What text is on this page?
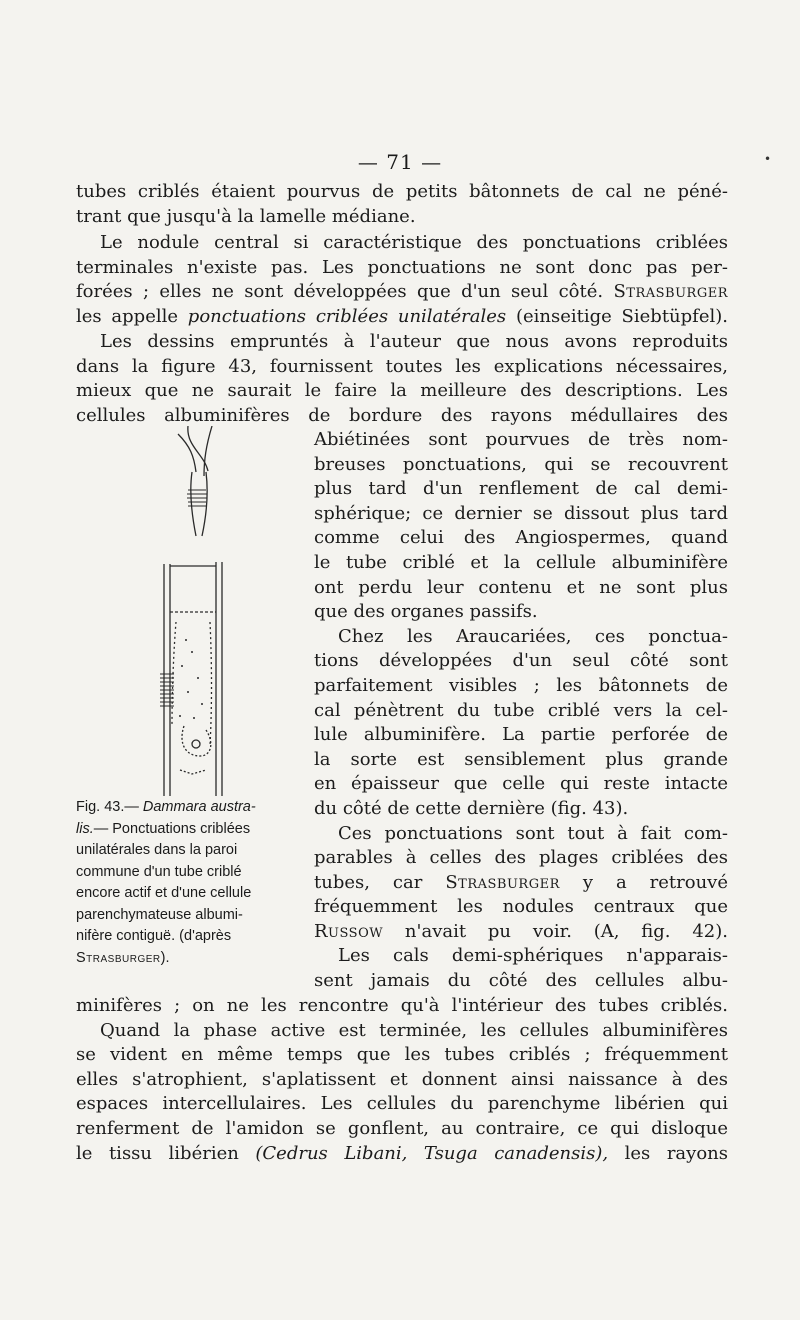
— 71 —	•

tubes criblés étaient pourvus de petits bâtonnets de cal ne péné-
trant que jusqu'à la lamelle médiane.

Le nodule central si caractéristique des ponctuations criblées
terminales n'existe pas. Les ponctuations ne sont donc pas per-
forées ; elles ne sont développées que d'un seul côté. Strasburger
les appelle ponctuations criblées unilatérales (einseitige Siebtüpfel).

Les dessins empruntés à l'auteur que nous avons reproduits
dans la figure 43, fournissent toutes les explications nécessaires,
mieux que ne saurait le faire la meilleure des descriptions. Les
cellules albuminifères de bordure des rayons médullaires des

Fig. 43.— Dammara austra-
lis.— Ponctuations criblées
unilatérales dans la paroi
commune d'un tube criblé
encore actif et d'une cellule
parenchymateuse albumi-
nifère contiguë. (d'après
Strasburger).

Abiétinées sont pourvues de très nom-
breuses ponctuations, qui se recouvrent
plus tard d'un renflement de cal demi-
sphérique; ce dernier se dissout plus tard
comme celui des Angiospermes, quand
le tube criblé et la cellule albuminifère
ont perdu leur contenu et ne sont plus
que des organes passifs.
Chez les Araucariées, ces ponctua-
tions développées d'un seul côté sont
parfaitement visibles ; les bâtonnets de
cal pénètrent du tube criblé vers la cel-
lule albuminifère. La partie perforée de
la sorte est sensiblement plus grande
en épaisseur que celle qui reste intacte
du côté de cette dernière (fig. 43).
Ces ponctuations sont tout à fait com-
parables à celles des plages criblées des
tubes, car Strasburger y a retrouvé
fréquemment les nodules centraux que
Russow n'avait pu voir. (A, fig. 42).
Les cals demi-sphériques n'apparais-
sent jamais du côté des cellules albu-

minifères ; on ne les rencontre qu'à l'intérieur des tubes criblés.
Quand la phase active est terminée, les cellules albuminifères
se vident en même temps que les tubes criblés ; fréquemment
elles s'atrophient, s'aplatissent et donnent ainsi naissance à des
espaces intercellulaires. Les cellules du parenchyme libérien qui
renferment de l'amidon se gonflent, au contraire, ce qui disloque
le tissu libérien (Cedrus Libani, Tsuga canadensis), les rayons
